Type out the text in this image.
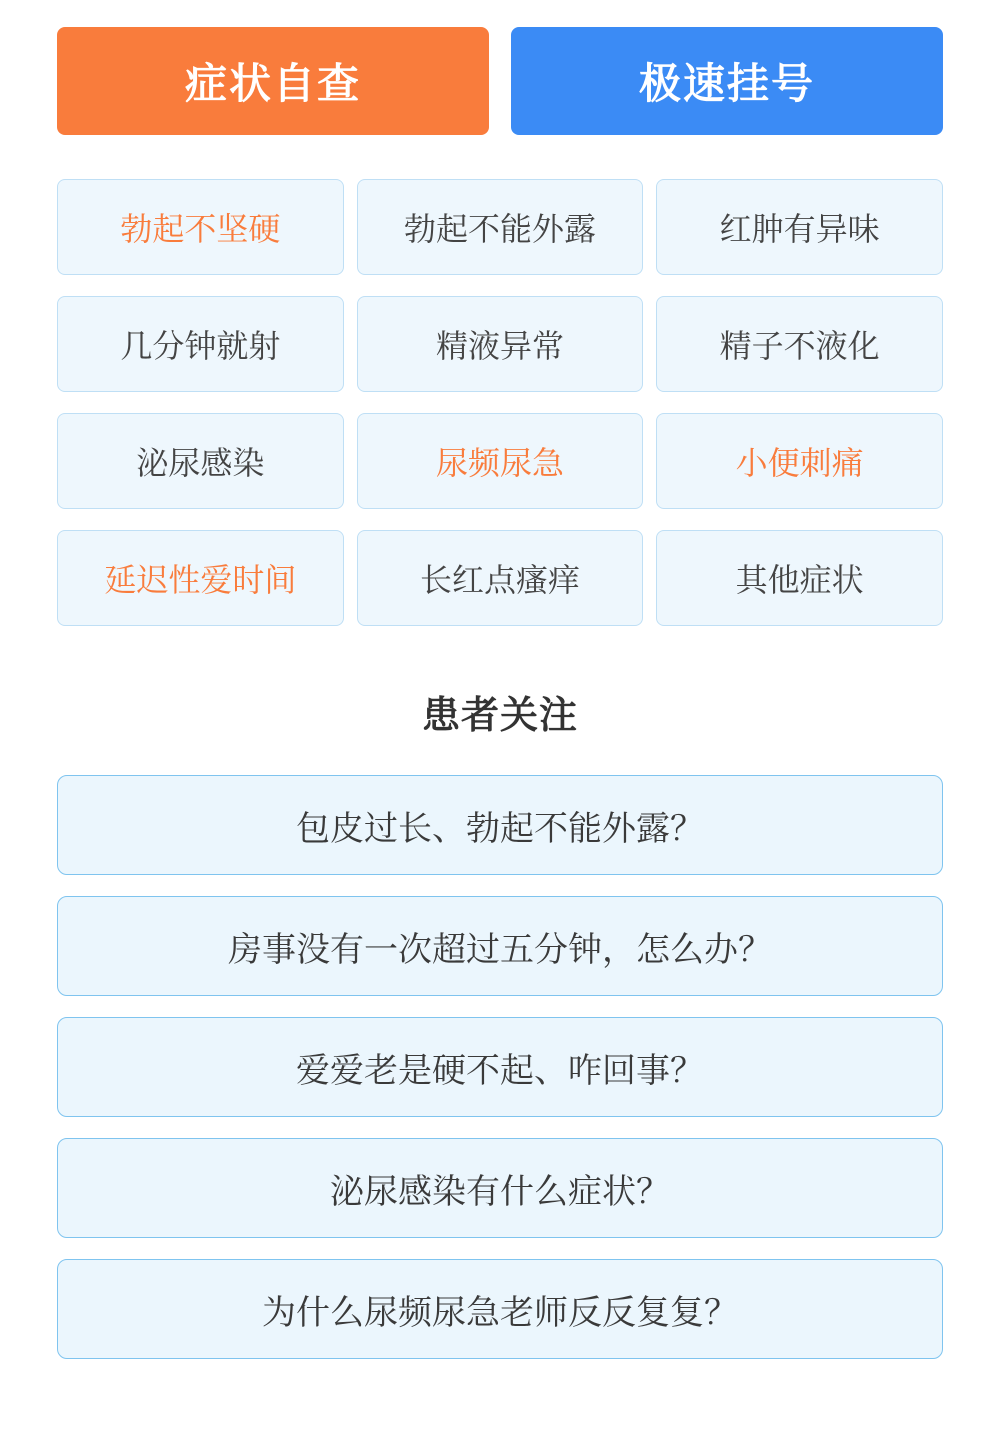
症状自查	极速挂号
勃起不坚硬	勃起不能外露	红肿有异味
几分钟就射	精液异常	精子不液化
泌尿感染	尿频尿急	小便刺痛
延迟性爱时间	长红点瘙痒	其他症状
患者关注
包皮过长、勃起不能外露？
房事没有一次超过五分钟，怎么办？
爱爱老是硬不起、咋回事？
泌尿感染有什么症状？
为什么尿频尿急老师反反复复？
